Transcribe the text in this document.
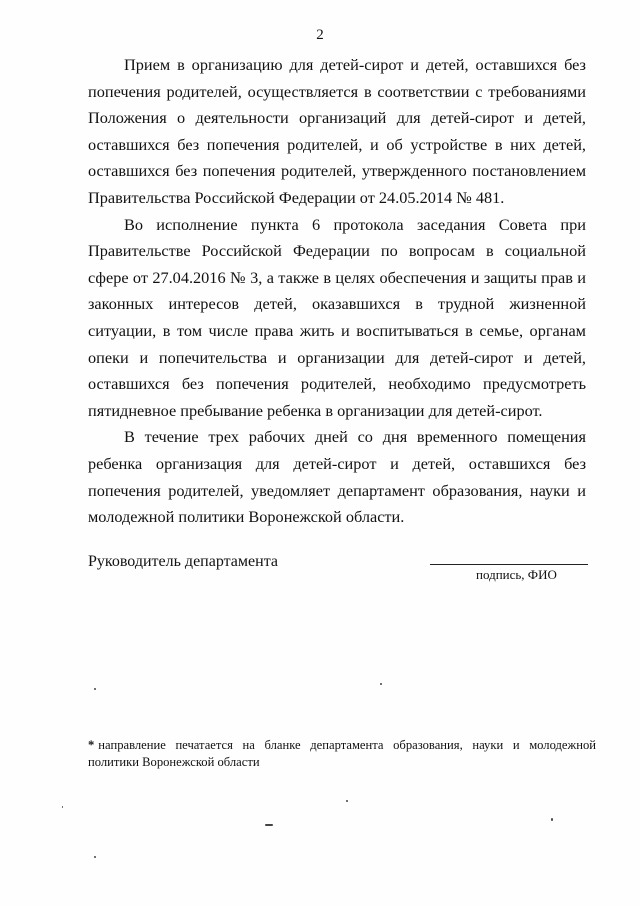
2

Прием в организацию для детей-сирот и детей, оставшихся без попечения родителей, осуществляется в соответствии с требованиями Положения о деятельности организаций для детей-сирот и детей, оставшихся без попечения родителей, и об устройстве в них детей, оставшихся без попечения родителей, утвержденного постановлением Правительства Российской Федерации от 24.05.2014 № 481.

Во исполнение пункта 6 протокола заседания Совета при Правительстве Российской Федерации по вопросам в социальной сфере от 27.04.2016 № 3, а также в целях обеспечения и защиты прав и законных интересов детей, оказавшихся в трудной жизненной ситуации, в том числе права жить и воспитываться в семье, органам опеки и попечительства и организации для детей-сирот и детей, оставшихся без попечения родителей, необходимо предусмотреть пятидневное пребывание ребенка в организации для детей-сирот.

В течение трех рабочих дней со дня временного помещения ребенка организация для детей-сирот и детей, оставшихся без попечения родителей, уведомляет департамент образования, науки и молодежной политики Воронежской области.

Руководитель департамента
подпись, ФИО
* направление печатается на бланке департамента образования, науки и молодежной политики Воронежской области
